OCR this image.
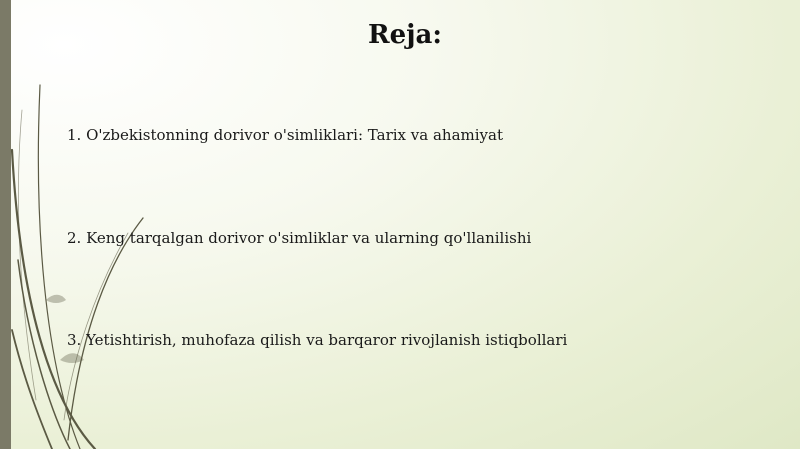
Reja:
1. O'zbekistonning dorivor o'simliklari: Tarix va ahamiyat
2. Keng tarqalgan dorivor o'simliklar va ularning qo'llanilishi
3. Yetishtirish, muhofaza qilish va barqaror rivojlanish istiqbollari
